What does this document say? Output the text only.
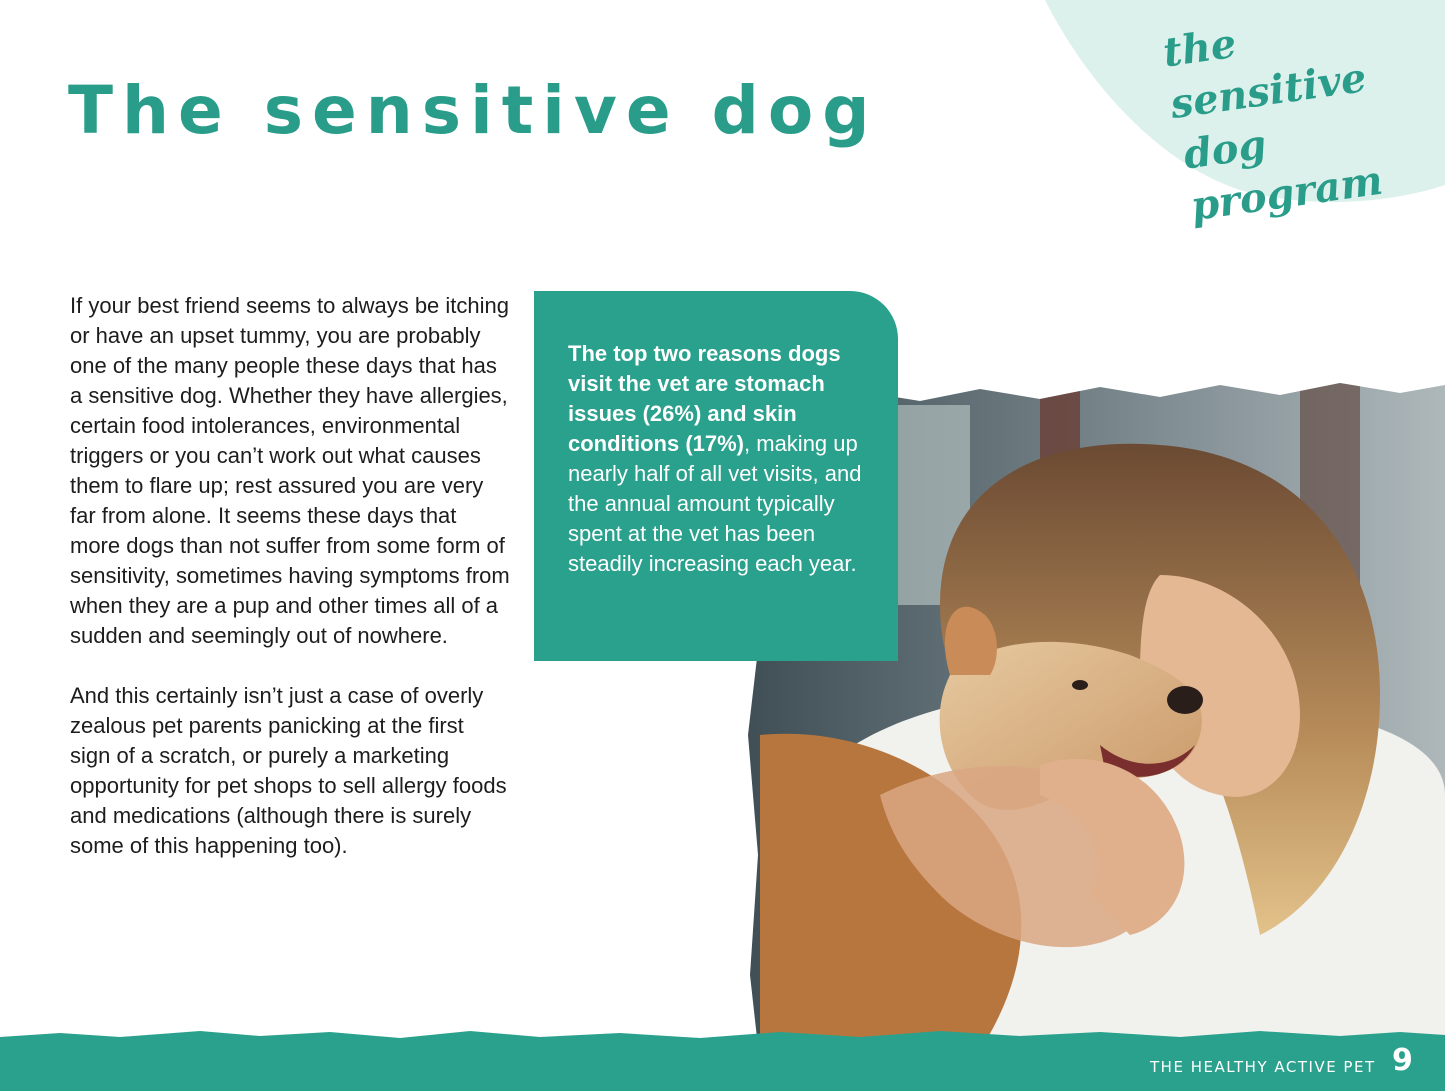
the sensitive
dog program
The sensitive dog

If your best friend seems to always be itching or have an upset tummy, you are probably one of the many people these days that has a sensitive dog. Whether they have allergies, certain food intolerances, environmental triggers or you can’t work out what causes them to flare up; rest assured you are very far from alone. It seems these days that more dogs than not suffer from some form of sensitivity, sometimes having symptoms from when they are a pup and other times all of a sudden and seemingly out of nowhere.

And this certainly isn’t just a case of overly zealous pet parents panicking at the first sign of a scratch, or purely a marketing opportunity for pet shops to sell allergy foods and medications (although there is surely some of this happening too).

The top two reasons dogs visit the vet are stomach issues (26%) and skin conditions (17%), making up nearly half of all vet visits, and the annual amount typically spent at the vet has been steadily increasing each year.
THE HEALTHY ACTIVE PET 9
